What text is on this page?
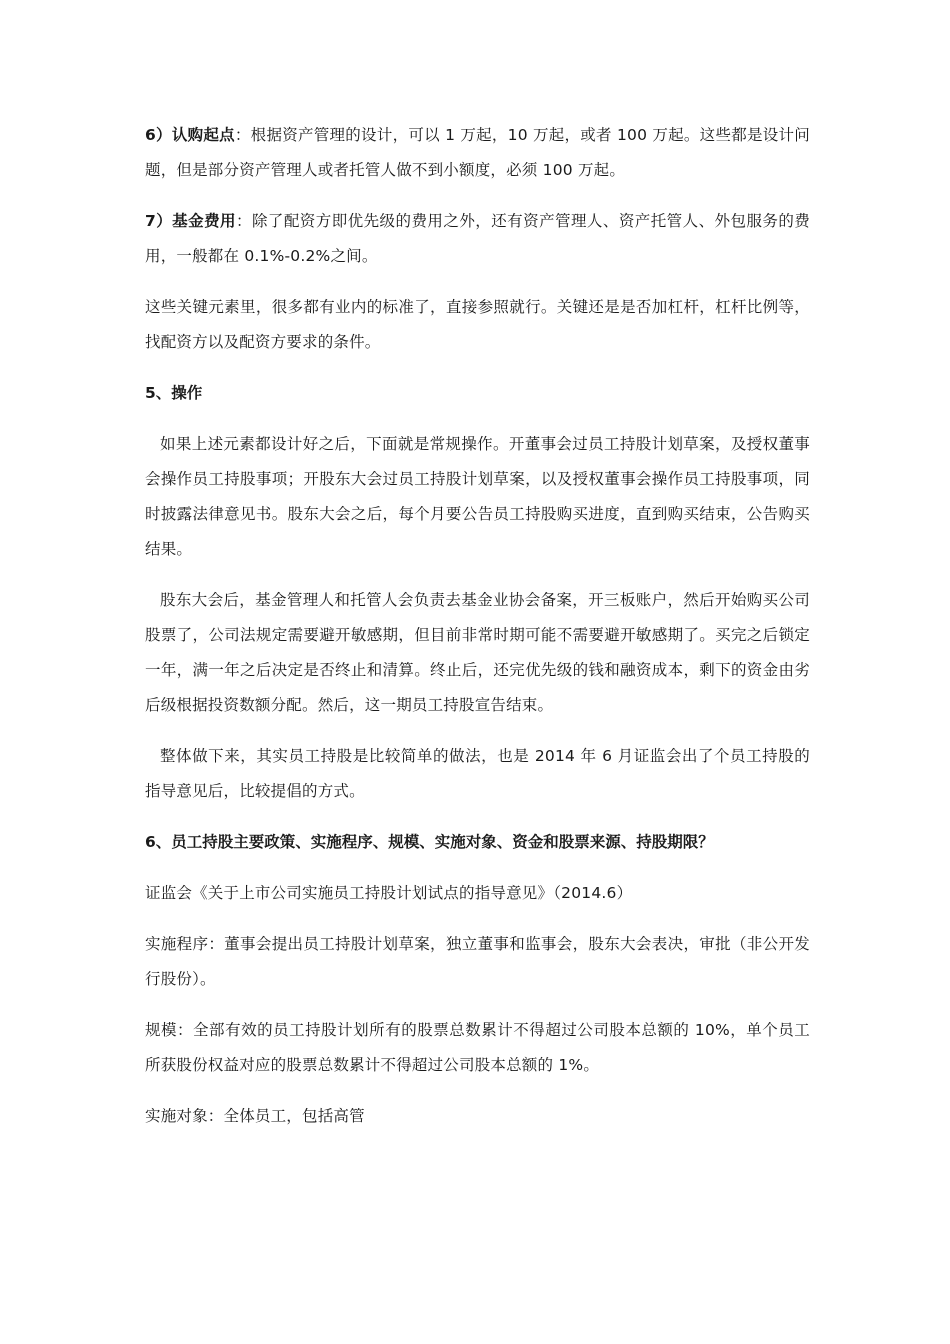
6）认购起点：根据资产管理的设计，可以 1 万起，10 万起，或者 100 万起。这些都是设计问题，但是部分资产管理人或者托管人做不到小额度，必须 100 万起。

7）基金费用：除了配资方即优先级的费用之外，还有资产管理人、资产托管人、外包服务的费用，一般都在 0.1%-0.2%之间。

这些关键元素里，很多都有业内的标准了，直接参照就行。关键还是是否加杠杆，杠杆比例等，找配资方以及配资方要求的条件。

5、操作

如果上述元素都设计好之后，下面就是常规操作。开董事会过员工持股计划草案，及授权董事会操作员工持股事项；开股东大会过员工持股计划草案，以及授权董事会操作员工持股事项，同时披露法律意见书。股东大会之后，每个月要公告员工持股购买进度，直到购买结束，公告购买结果。

股东大会后，基金管理人和托管人会负责去基金业协会备案，开三板账户，然后开始购买公司股票了，公司法规定需要避开敏感期，但目前非常时期可能不需要避开敏感期了。买完之后锁定一年，满一年之后决定是否终止和清算。终止后，还完优先级的钱和融资成本，剩下的资金由劣后级根据投资数额分配。然后，这一期员工持股宣告结束。

整体做下来，其实员工持股是比较简单的做法，也是 2014 年 6 月证监会出了个员工持股的指导意见后，比较提倡的方式。

6、员工持股主要政策、实施程序、规模、实施对象、资金和股票来源、持股期限？

证监会《关于上市公司实施员工持股计划试点的指导意见》（2014.6）

实施程序：董事会提出员工持股计划草案，独立董事和监事会，股东大会表决，审批（非公开发行股份）。

规模：全部有效的员工持股计划所有的股票总数累计不得超过公司股本总额的 10%，单个员工所获股份权益对应的股票总数累计不得超过公司股本总额的 1%。

实施对象：全体员工，包括高管
